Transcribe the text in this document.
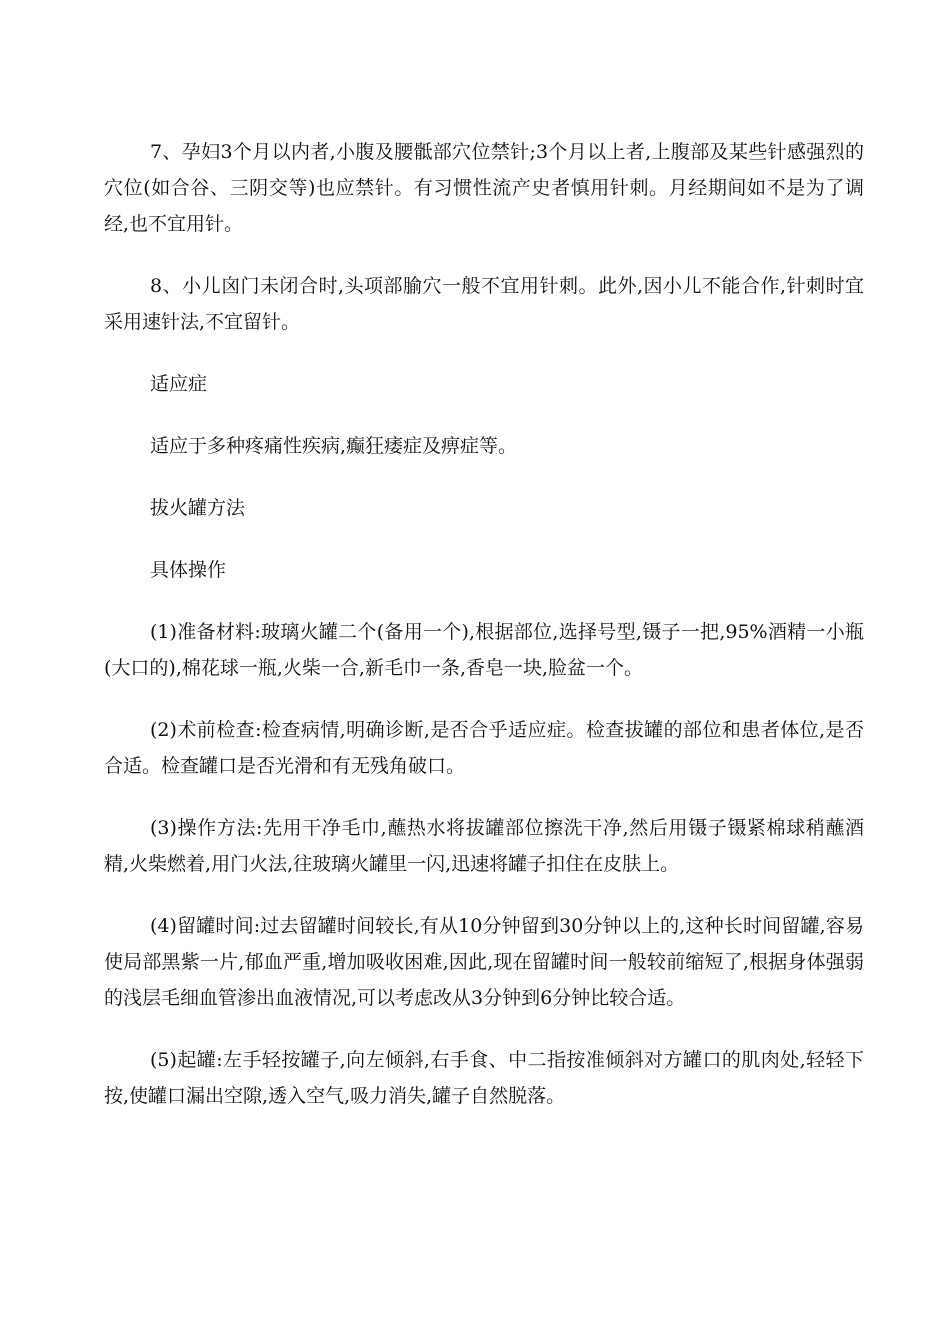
7、孕妇3个月以内者,小腹及腰骶部穴位禁针;3个月以上者,上腹部及某些针感强烈的穴位(如合谷、三阴交等)也应禁针。有习惯性流产史者慎用针刺。月经期间如不是为了调经,也不宜用针。

8、小儿囟门未闭合时,头项部腧穴一般不宜用针刺。此外,因小儿不能合作,针刺时宜采用速针法,不宜留针。

适应症

适应于多种疼痛性疾病,癫狂痿症及痹症等。

拔火罐方法

具体操作

(1)准备材料:玻璃火罐二个(备用一个),根据部位,选择号型,镊子一把,95%酒精一小瓶(大口的),棉花球一瓶,火柴一合,新毛巾一条,香皂一块,脸盆一个。

(2)术前检查:检查病情,明确诊断,是否合乎适应症。检查拔罐的部位和患者体位,是否合适。检查罐口是否光滑和有无残角破口。

(3)操作方法:先用干净毛巾,蘸热水将拔罐部位擦洗干净,然后用镊子镊紧棉球稍蘸酒精,火柴燃着,用门火法,往玻璃火罐里一闪,迅速将罐子扣住在皮肤上。

(4)留罐时间:过去留罐时间较长,有从10分钟留到30分钟以上的,这种长时间留罐,容易使局部黑紫一片,郁血严重,增加吸收困难,因此,现在留罐时间一般较前缩短了,根据身体强弱的浅层毛细血管渗出血液情况,可以考虑改从3分钟到6分钟比较合适。

(5)起罐:左手轻按罐子,向左倾斜,右手食、中二指按准倾斜对方罐口的肌肉处,轻轻下按,使罐口漏出空隙,透入空气,吸力消失,罐子自然脱落。
